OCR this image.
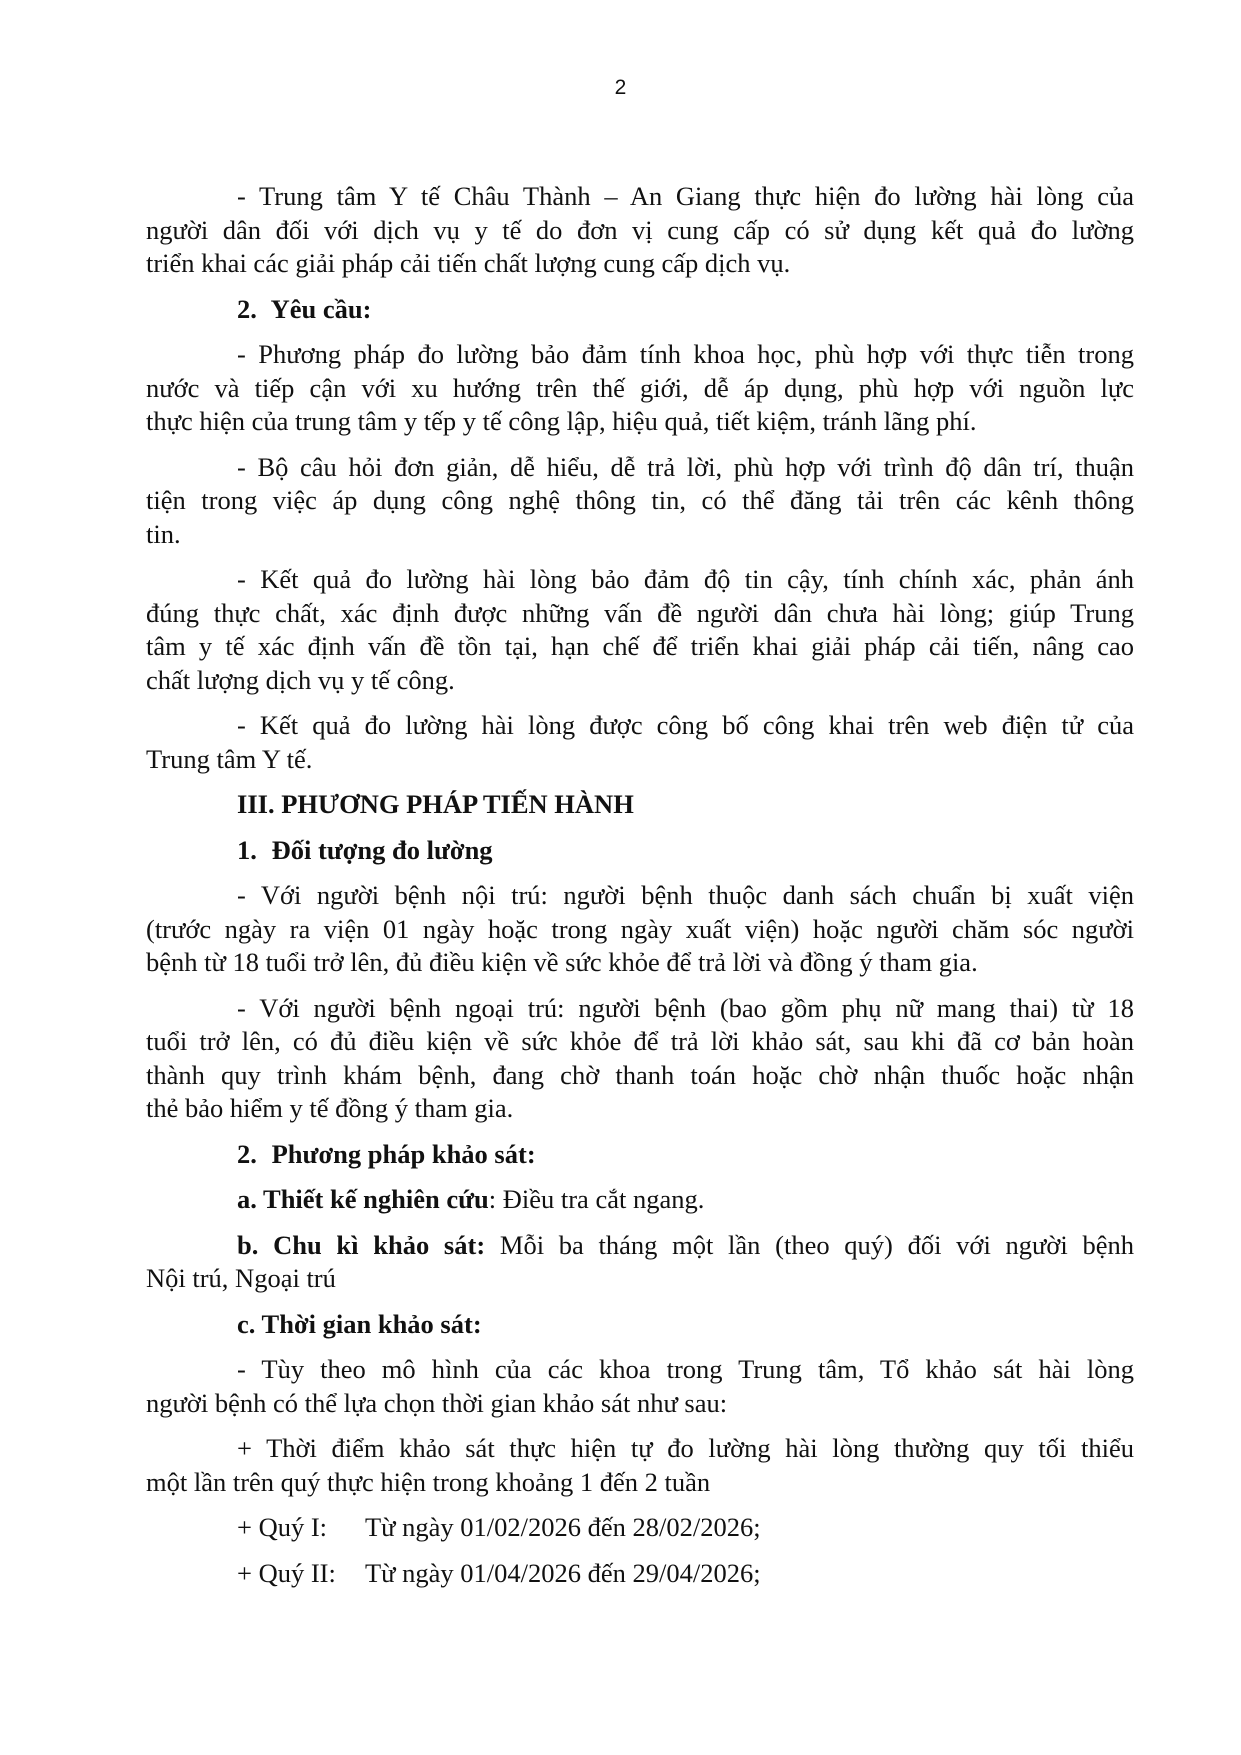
2
- Trung tâm Y tế Châu Thành – An Giang thực hiện đo lường hài lòng của
người dân đối với dịch vụ y tế do đơn vị cung cấp có sử dụng kết quả đo lường
triển khai các giải pháp cải tiến chất lượng cung cấp dịch vụ.
2. Yêu cầu:
- Phương pháp đo lường bảo đảm tính khoa học, phù hợp với thực tiễn trong
nước và tiếp cận với xu hướng trên thế giới, dễ áp dụng, phù hợp với nguồn lực
thực hiện của trung tâm y tếp y tế công lập, hiệu quả, tiết kiệm, tránh lãng phí.
- Bộ câu hỏi đơn giản, dễ hiểu, dễ trả lời, phù hợp với trình độ dân trí, thuận
tiện trong việc áp dụng công nghệ thông tin, có thể đăng tải trên các kênh thông
tin.
- Kết quả đo lường hài lòng bảo đảm độ tin cậy, tính chính xác, phản ánh
đúng thực chất, xác định được những vấn đề người dân chưa hài lòng; giúp Trung
tâm y tế xác định vấn đề tồn tại, hạn chế để triển khai giải pháp cải tiến, nâng cao
chất lượng dịch vụ y tế công.
- Kết quả đo lường hài lòng được công bố công khai trên web điện tử của
Trung tâm Y tế.
III. PHƯƠNG PHÁP TIẾN HÀNH
1. Đối tượng đo lường
- Với người bệnh nội trú: người bệnh thuộc danh sách chuẩn bị xuất viện
(trước ngày ra viện 01 ngày hoặc trong ngày xuất viện) hoặc người chăm sóc người
bệnh từ 18 tuổi trở lên, đủ điều kiện về sức khỏe để trả lời và đồng ý tham gia.
- Với người bệnh ngoại trú: người bệnh (bao gồm phụ nữ mang thai) từ 18
tuổi trở lên, có đủ điều kiện về sức khỏe để trả lời khảo sát, sau khi đã cơ bản hoàn
thành quy trình khám bệnh, đang chờ thanh toán hoặc chờ nhận thuốc hoặc nhận
thẻ bảo hiểm y tế đồng ý tham gia.
2. Phương pháp khảo sát:
a. Thiết kế nghiên cứu: Điều tra cắt ngang.
b. Chu kì khảo sát: Mỗi ba tháng một lần (theo quý) đối với người bệnh
Nội trú, Ngoại trú
c. Thời gian khảo sát:
- Tùy theo mô hình của các khoa trong Trung tâm, Tổ khảo sát hài lòng
người bệnh có thể lựa chọn thời gian khảo sát như sau:
+ Thời điểm khảo sát thực hiện tự đo lường hài lòng thường quy tối thiểu
một lần trên quý thực hiện trong khoảng 1 đến 2 tuần
+ Quý I: Từ ngày 01/02/2026 đến 28/02/2026;
+ Quý II: Từ ngày 01/04/2026 đến 29/04/2026;
